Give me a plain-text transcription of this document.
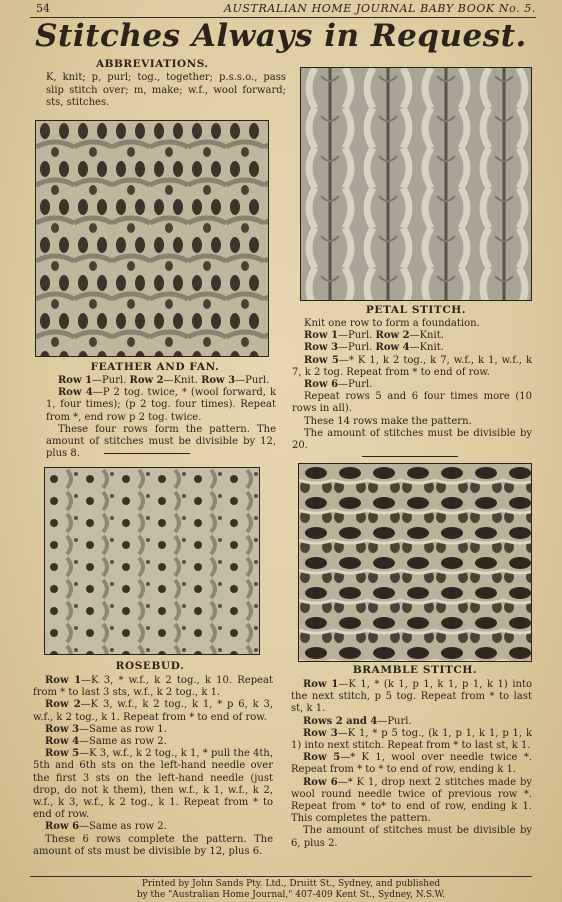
54	AUSTRALIAN HOME JOURNAL BABY BOOK No. 5.
Stitches Always in Request.
ABBREVIATIONS.
K, knit; p, purl; tog., together; p.s.s.o., pass slip stitch over; m, make; w.f., wool forward; sts, stitches.
FEATHER AND FAN.

Row 1—Purl. Row 2—Knit. Row 3—Purl.

Row 4—P 2 tog. twice, * (wool forward, k 1, four times); (p 2 tog. four times). Repeat from *, end row p 2 tog. twice.

These four rows form the pattern. The amount of stitches must be divisible by 12, plus 8.

PETAL STITCH.

Knit one row to form a foundation.

Row 1—Purl. Row 2—Knit.

Row 3—Purl. Row 4—Knit.

Row 5—* K 1, k 2 tog., k 7, w.f., k 1, w.f., k 7, k 2 tog. Repeat from * to end of row.

Row 6—Purl.

Repeat rows 5 and 6 four times more (10 rows in all).

These 14 rows make the pattern.

The amount of stitches must be divisible by 20.

ROSEBUD.

Row 1—K 3, * w.f., k 2 tog., k 10. Repeat from * to last 3 sts, w.f., k 2 tog., k 1.

Row 2—K 3, w.f., k 2 tog., k 1, * p 6, k 3, w.f., k 2 tog., k 1. Repeat from * to end of row.

Row 3—Same as row 1.

Row 4—Same as row 2.

Row 5—K 3, w.f., k 2 tog., k 1, * pull the 4th, 5th and 6th sts on the left-hand needle over the first 3 sts on the left-hand needle (just drop, do not k them), then w.f., k 1, w.f., k 2, w.f., k 3, w.f., k 2 tog., k 1. Repeat from * to end of row.

Row 6—Same as row 2.

These 6 rows complete the pattern. The amount of sts must be divisible by 12, plus 6.

BRAMBLE STITCH.

Row 1—K 1, * (k 1, p 1, k 1, p 1, k 1) into the next stitch, p 5 tog. Repeat from * to last st, k 1.

Rows 2 and 4—Purl.

Row 3—K 1, * p 5 tog., (k 1, p 1, k 1, p 1, k 1) into next stitch. Repeat from * to last st, k 1.

Row 5—* K 1, wool over needle twice *. Repeat from * to * to end of row, ending k 1.

Row 6—* K 1, drop next 2 stitches made by wool round needle twice of previous row *. Repeat from * to* to end of row, ending k 1. This completes the pattern.

The amount of stitches must be divisible by 6, plus 2.

Printed by John Sands Pty. Ltd., Druitt St., Sydney, and published
by the "Australian Home Journal," 407-409 Kent St., Sydney, N.S.W.
